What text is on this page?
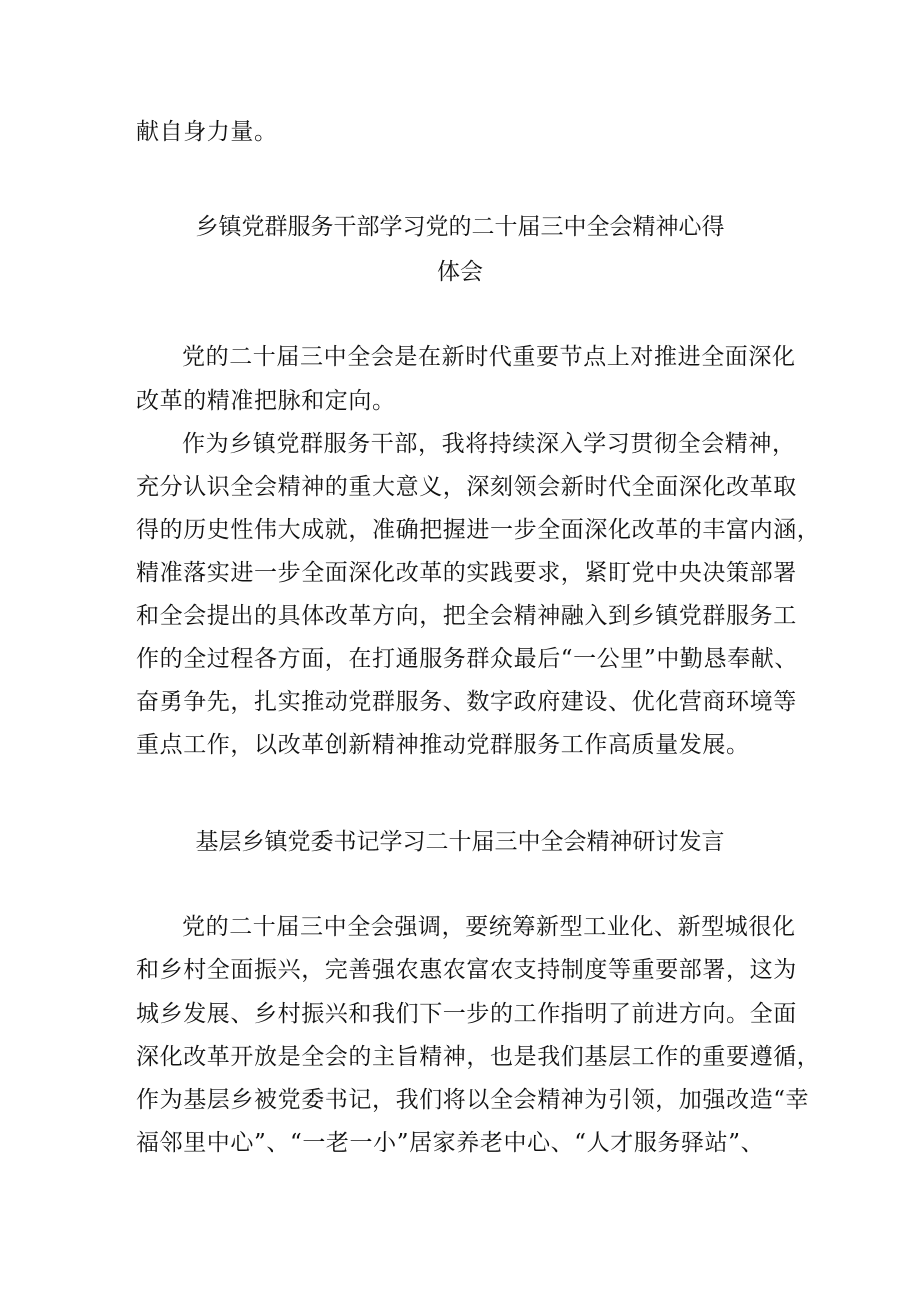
献自身力量。
乡镇党群服务干部学习党的二十届三中全会精神心得
体会
党的二十届三中全会是在新时代重要节点上对推进全面深化
改革的精准把脉和定向。
作为乡镇党群服务干部，我将持续深入学习贯彻全会精神，
充分认识全会精神的重大意义，深刻领会新时代全面深化改革取
得的历史性伟大成就，准确把握进一步全面深化改革的丰富内涵，
精准落实进一步全面深化改革的实践要求，紧盯党中央决策部署
和全会提出的具体改革方向，把全会精神融入到乡镇党群服务工
作的全过程各方面，在打通服务群众最后“一公里”中勤恳奉献、
奋勇争先，扎实推动党群服务、数字政府建设、优化营商环境等
重点工作，以改革创新精神推动党群服务工作高质量发展。
基层乡镇党委书记学习二十届三中全会精神研讨发言
党的二十届三中全会强调，要统筹新型工业化、新型城很化
和乡村全面振兴，完善强农惠农富农支持制度等重要部署，这为
城乡发展、乡村振兴和我们下一步的工作指明了前进方向。全面
深化改革开放是全会的主旨精神，也是我们基层工作的重要遵循，
作为基层乡被党委书记，我们将以全会精神为引领，加强改造“幸
福邻里中心”、“一老一小”居家养老中心、“人才服务驿站”、
